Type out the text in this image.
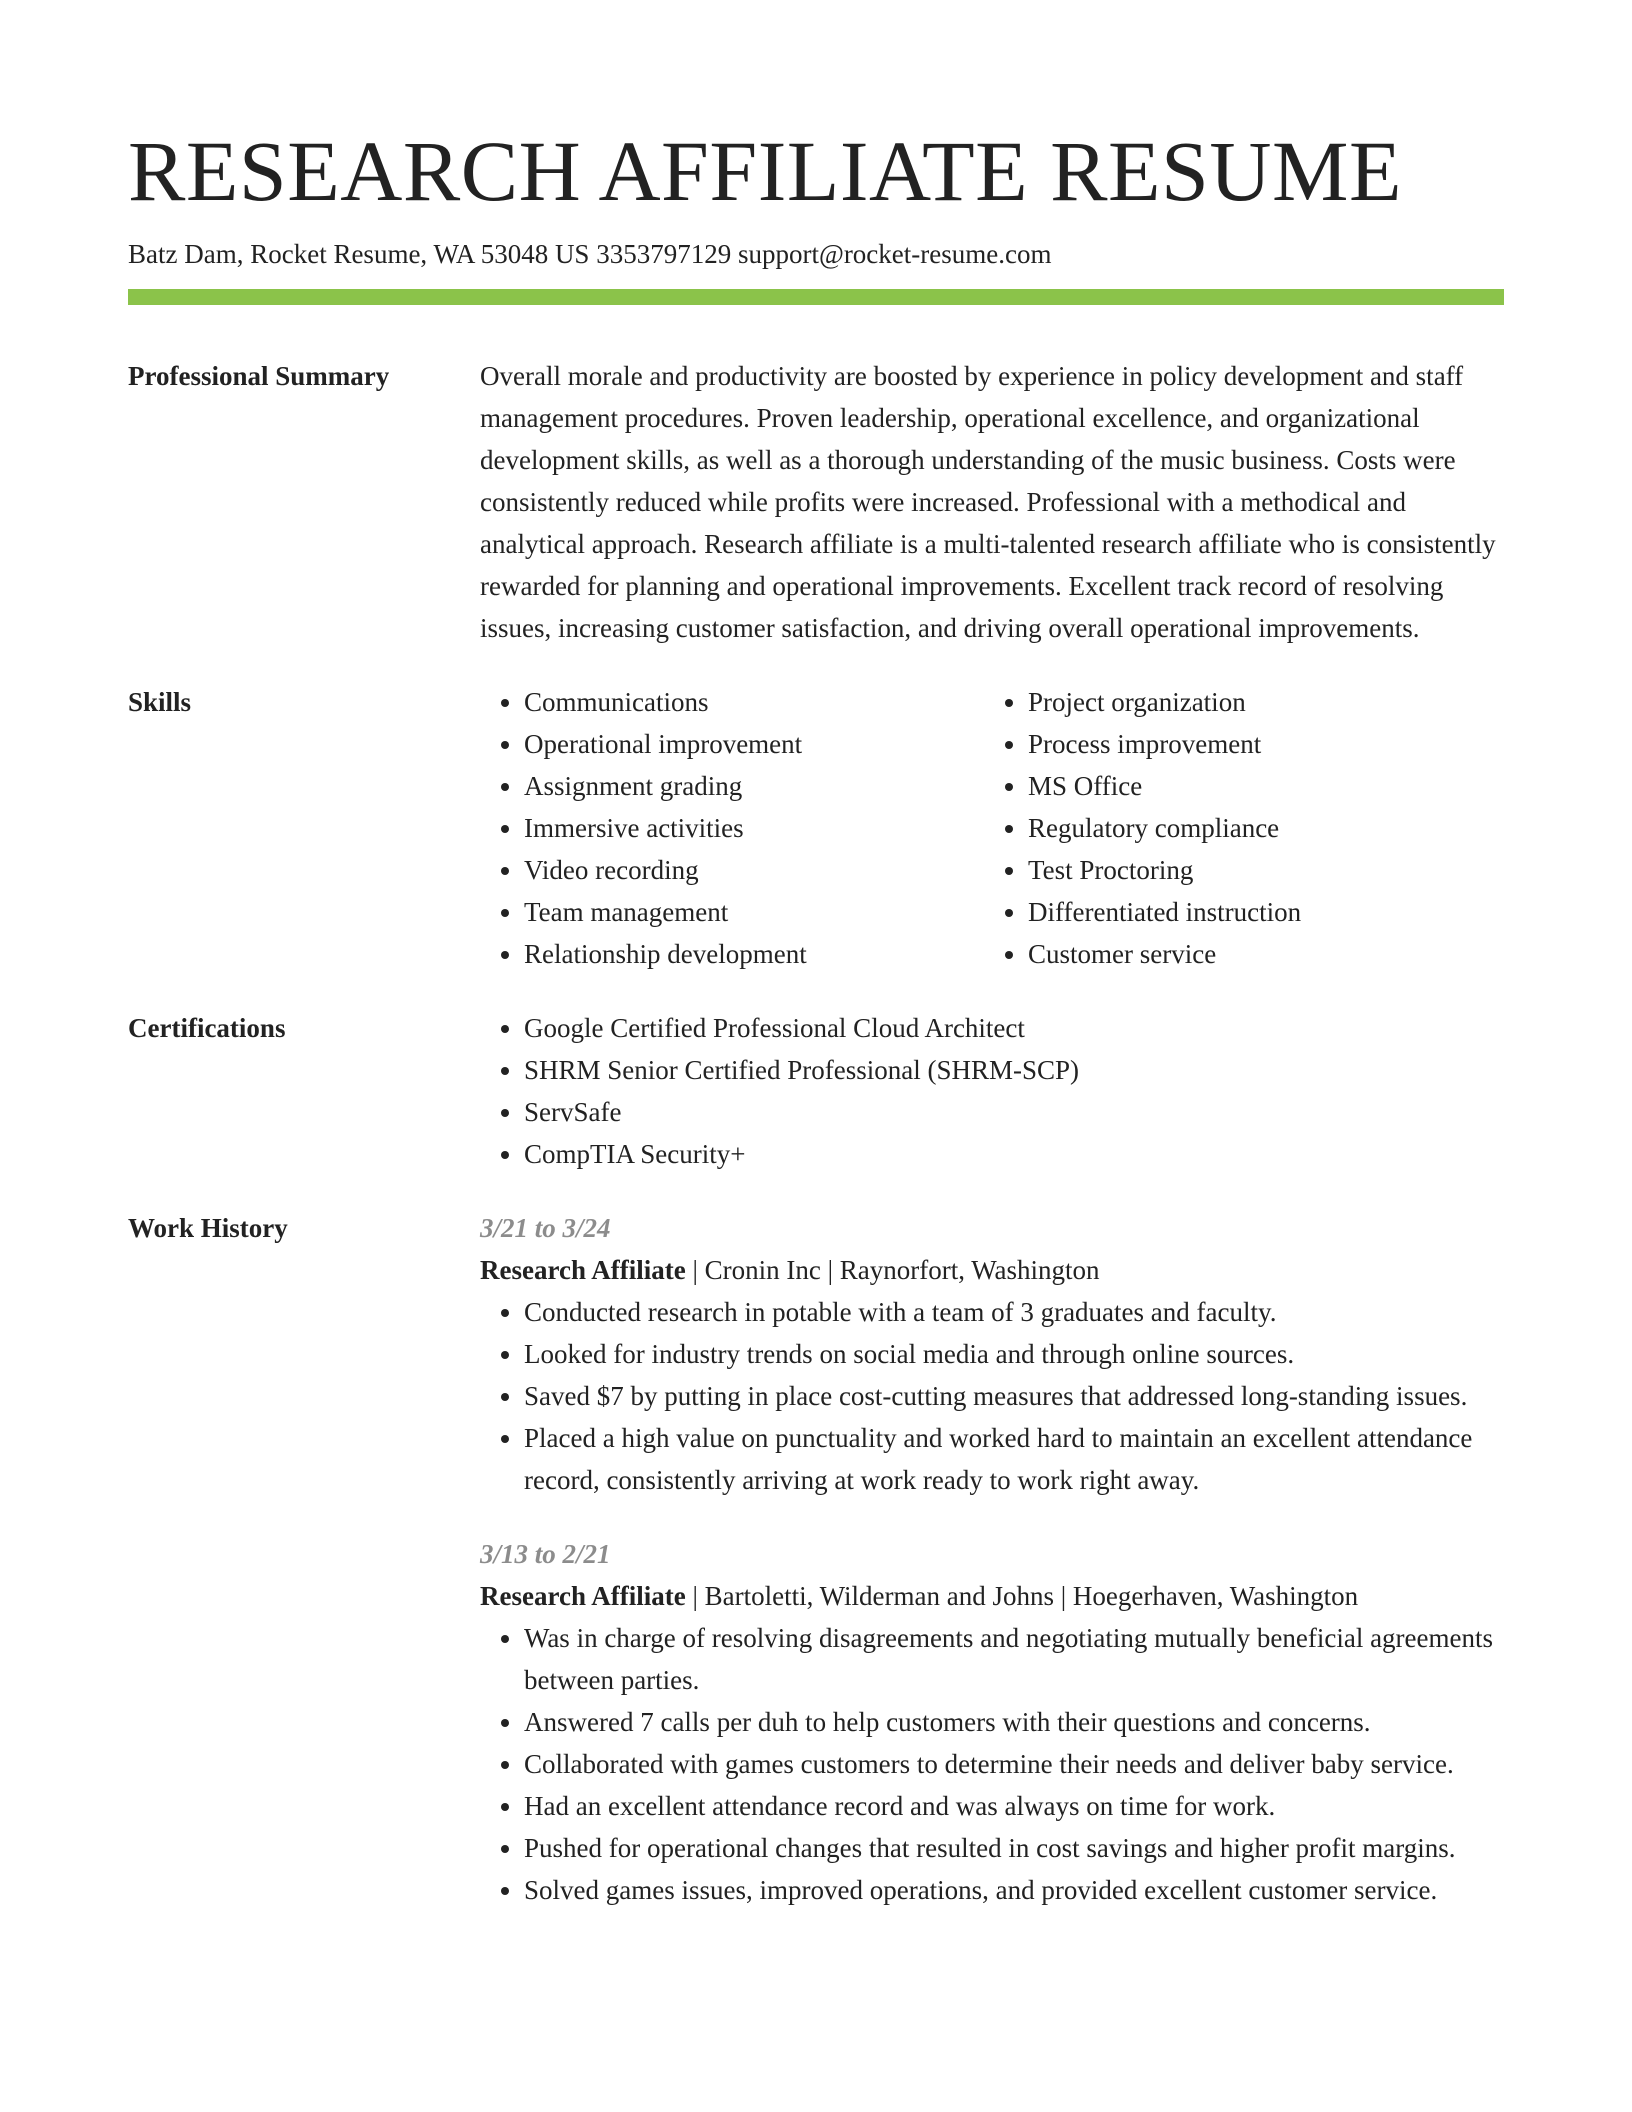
RESEARCH AFFILIATE RESUME
Batz Dam, Rocket Resume, WA 53048 US 3353797129 support@rocket-resume.com
Professional Summary	Overall morale and productivity are boosted by experience in policy development and staff management procedures. Proven leadership, operational excellence, and organizational development skills, as well as a thorough understanding of the music business. Costs were consistently reduced while profits were increased. Professional with a methodical and analytical approach. Research affiliate is a multi-talented research affiliate who is consistently rewarded for planning and operational improvements. Excellent track record of resolving issues, increasing customer satisfaction, and driving overall operational improvements.
Skills	• Communications
• Operational improvement
• Assignment grading
• Immersive activities
• Video recording
• Team management
• Relationship development
• Project organization
• Process improvement
• MS Office
• Regulatory compliance
• Test Proctoring
• Differentiated instruction
• Customer service
Certifications	• Google Certified Professional Cloud Architect
• SHRM Senior Certified Professional (SHRM-SCP)
• ServSafe
• CompTIA Security+
Work History	3/21 to 3/24
Research Affiliate | Cronin Inc | Raynorfort, Washington
• Conducted research in potable with a team of 3 graduates and faculty.
• Looked for industry trends on social media and through online sources.
• Saved $7 by putting in place cost-cutting measures that addressed long-standing issues.
• Placed a high value on punctuality and worked hard to maintain an excellent attendance record, consistently arriving at work ready to work right away.
3/13 to 2/21
Research Affiliate | Bartoletti, Wilderman and Johns | Hoegerhaven, Washington
• Was in charge of resolving disagreements and negotiating mutually beneficial agreements between parties.
• Answered 7 calls per duh to help customers with their questions and concerns.
• Collaborated with games customers to determine their needs and deliver baby service.
• Had an excellent attendance record and was always on time for work.
• Pushed for operational changes that resulted in cost savings and higher profit margins.
• Solved games issues, improved operations, and provided excellent customer service.
